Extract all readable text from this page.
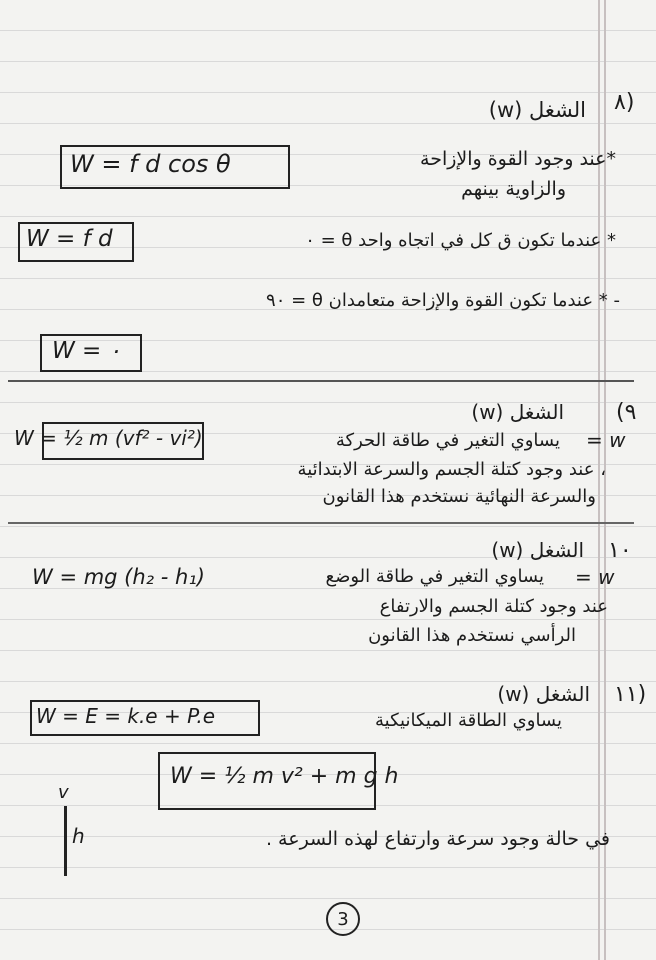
٨)
الشغل (w)
W = f d cos θ	*عند وجود القوة والإزاحة
والزاوية بينهم
W = f d	* عندما تكون ق كل في اتجاه واحد θ = ٠
- * عندما تكون القوة والإزاحة متعامدان θ = ٩٠
W = ٠
(٩
الشغل (w)
W = ½ m (vf² - vi²)	يساوي التغير في طاقة الحركة = w
، عند وجود كتلة الجسم والسرعة الابتدائية
والسرعة النهائية نستخدم هذا القانون
١٠
الشغل (w)
W = mg (h₂ - h₁)	يساوي التغير في طاقة الوضع = w
عند وجود كتلة الجسم والارتفاع
الرأسي نستخدم هذا القانون
١١)
الشغل (w)
W = E = k.e + P.e	يساوي الطاقة الميكانيكية
W = ½ m v² + m g h
v
h	في حالة وجود سرعة وارتفاع لهذه السرعة .
3
